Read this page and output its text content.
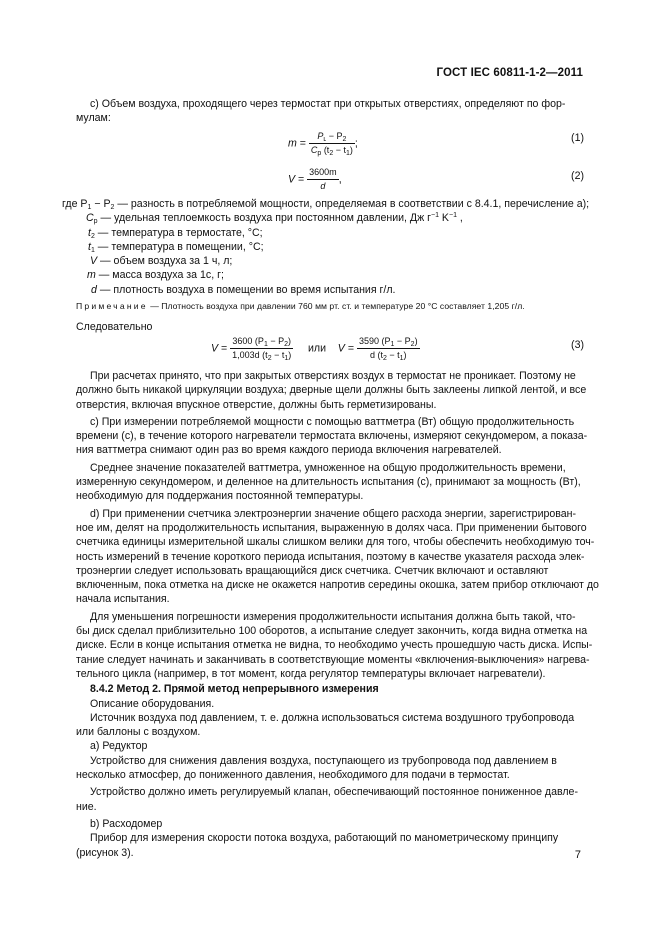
ГОСТ IEC 60811-1-2—2011

c) Объем воздуха, проходящего через термостат при открытых отверстиях, определяют по фор-

мулам:

$m = \frac{P_ʟ - P_2}{C_p (t_2 - t_1)}$ ;	(1)
$V = \frac{3600m}{d}$ ,	(2)
где $P_1 - P_2$ — разность в потребляемой мощности, определяемая в соответствии с 8.4.1, перечисление a);
$C_p$ — удельная теплоемкость воздуха при постоянном давлении, Дж $г^{-1}$ $K^{-1}$ ,
$t_2$ — температура в термостате, °C;
$t_1$ — температура в помещении, °C;
V — объем воздуха за 1 ч, л;
m — масса воздуха за 1с, г;
d — плотность воздуха в помещении во время испытания г/л.

Примечание — Плотность воздуха при давлении 760 мм рт. ст. и температуре 20 °C составляет 1,205 г/л.

Следовательно

$V = \frac{3600 (P_1 - P_2)}{1,003d (t_2 - t_1)}$ или $V = \frac{3590 (P_1 - P_2)}{d (t_2 - t_1)}$	(3)

При расчетах принято, что при закрытых отверстиях воздух в термостат не проникает. Поэтому не

должно быть никакой циркуляции воздуха; дверные щели должны быть заклеены липкой лентой, и все

отверстия, включая впускное отверстие, должны быть герметизированы.

c) При измерении потребляемой мощности с помощью ваттметра (Вт) общую продолжительность

времени (с), в течение которого нагреватели термостата включены, измеряют секундомером, а показа-

ния ваттметра снимают один раз во время каждого периода включения нагревателей.

Среднее значение показателей ваттметра, умноженное на общую продолжительность времени,

измеренную секундомером, и деленное на длительность испытания (с), принимают за мощность (Вт),

необходимую для поддержания постоянной температуры.

d) При применении счетчика электроэнергии значение общего расхода энергии, зарегистрирован-

ное им, делят на продолжительность испытания, выраженную в долях часа. При применении бытового

счетчика единицы измерительной шкалы слишком велики для того, чтобы обеспечить необходимую точ-

ность измерений в течение короткого периода испытания, поэтому в качестве указателя расхода элек-

троэнергии следует использовать вращающийся диск счетчика. Счетчик включают и оставляют

включенным, пока отметка на диске не окажется напротив середины окошка, затем прибор отключают до

начала испытания.

Для уменьшения погрешности измерения продолжительности испытания должна быть такой, что-

бы диск сделал приблизительно 100 оборотов, а испытание следует закончить, когда видна отметка на

диске. Если в конце испытания отметка не видна, то необходимо учесть прошедшую часть диска. Испы-

тание следует начинать и заканчивать в соответствующие моменты «включения-выключения» нагрева-

тельного цикла (например, в тот момент, когда регулятор температуры включает нагреватели).

8.4.2 Метод 2. Прямой метод непрерывного измерения

Описание оборудования.

Источник воздуха под давлением, т. е. должна использоваться система воздушного трубопровода

или баллоны с воздухом.

a) Редуктор

Устройство для снижения давления воздуха, поступающего из трубопровода под давлением в

несколько атмосфер, до пониженного давления, необходимого для подачи в термостат.

Устройство должно иметь регулируемый клапан, обеспечивающий постоянное пониженное давле-

ние.

b) Расходомер

Прибор для измерения скорости потока воздуха, работающий по манометрическому принципу

(рисунок 3).	7
